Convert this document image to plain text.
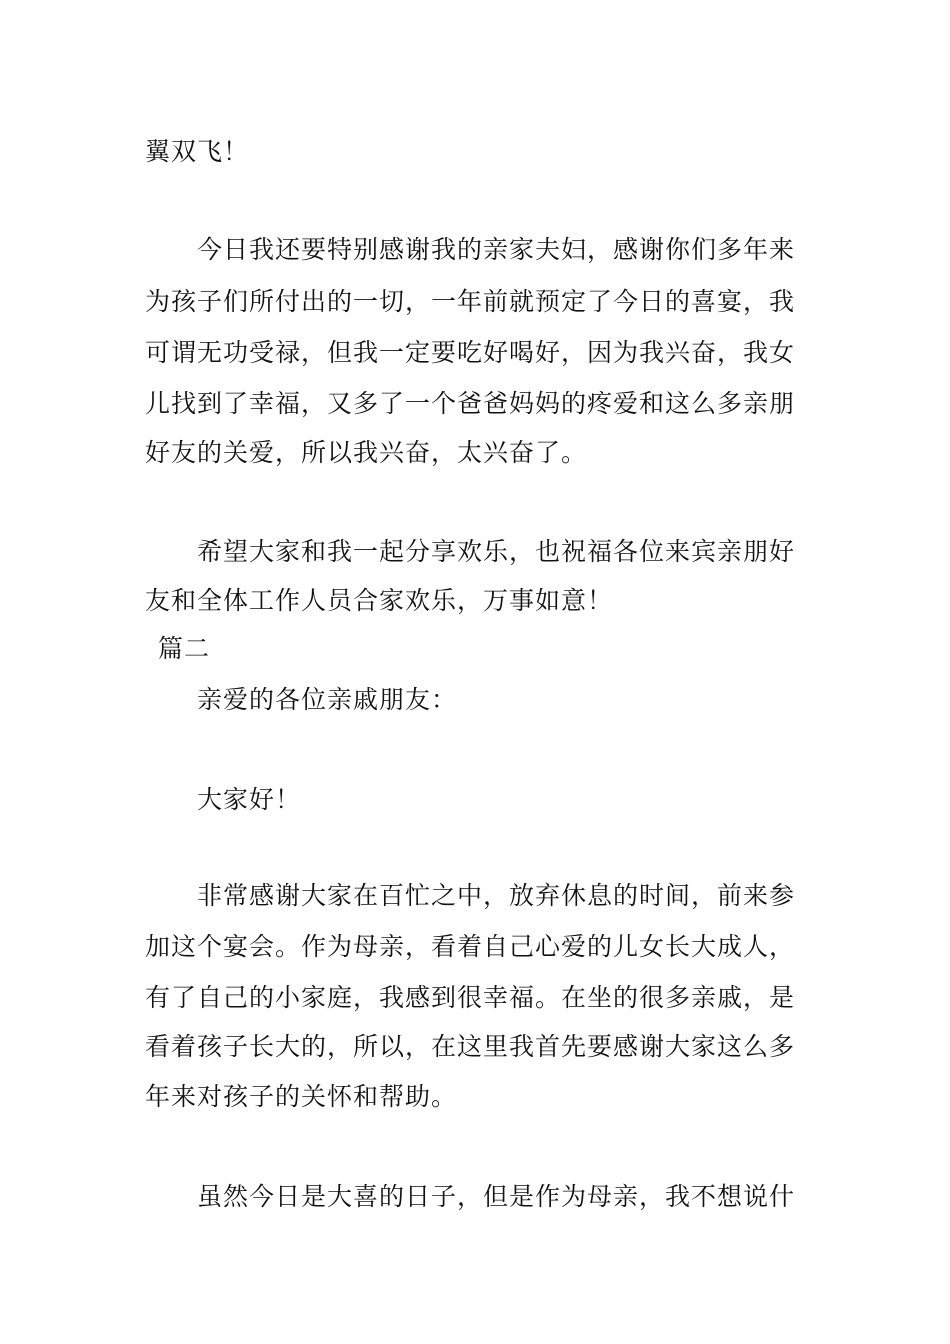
翼双飞！
今日我还要特别感谢我的亲家夫妇，感谢你们多年来
为孩子们所付出的一切，一年前就预定了今日的喜宴，我
可谓无功受禄，但我一定要吃好喝好，因为我兴奋，我女
儿找到了幸福，又多了一个爸爸妈妈的疼爱和这么多亲朋
好友的关爱，所以我兴奋，太兴奋了。
希望大家和我一起分享欢乐，也祝福各位来宾亲朋好
友和全体工作人员合家欢乐，万事如意！
篇二
亲爱的各位亲戚朋友：
大家好！
非常感谢大家在百忙之中，放弃休息的时间，前来参
加这个宴会。作为母亲，看着自己心爱的儿女长大成人，
有了自己的小家庭，我感到很幸福。在坐的很多亲戚，是
看着孩子长大的，所以，在这里我首先要感谢大家这么多
年来对孩子的关怀和帮助。
虽然今日是大喜的日子，但是作为母亲，我不想说什
